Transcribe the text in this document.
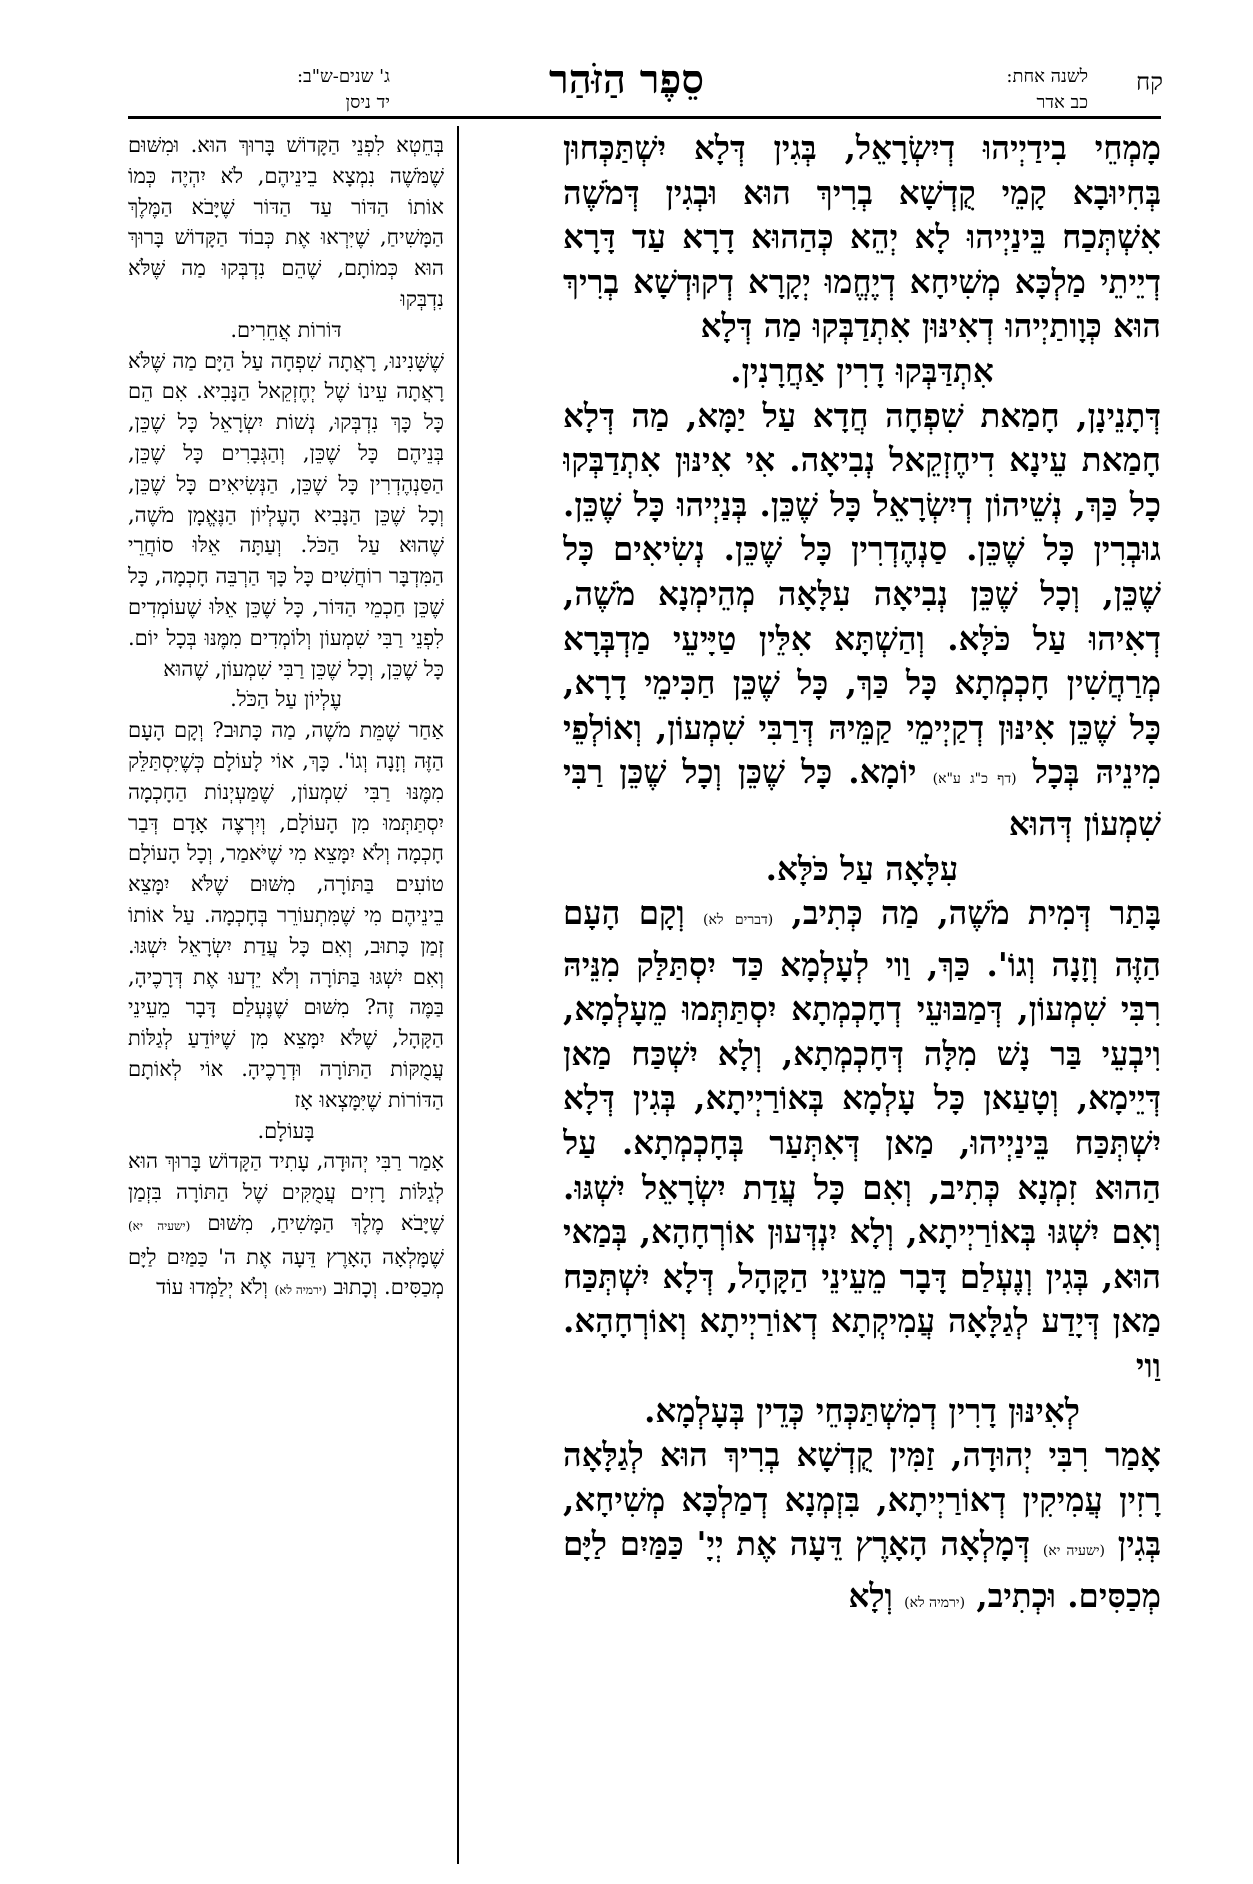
קח
לשנה אחת:
כב אדר
סֵפֶר הַזֹּהַר
ג' שנים-ש"ב:
יד ניסן

מָמְחֵי בִידַיְיהוּ דְיִשְׂרָאֵל, בְּגִין דְּלָא יִשְׁתַּכְּחוּן בְּחִיוּבָא קָמֵי קֻדְשָׁא בְרִיךְ הוּא וּבְגִין דְּמֹשֶׁה אִשְׁתְּכַח בֵּינַיְיהוּ לָא יְהֵא כְּהַהוּא דָרָא עַד דָּרָא דְיֵיתֵי מַלְכָּא מְשִׁיחָא דְיֶחֱמוּ יְקָרָא דְקוּדְשָׁא בְרִיךְ הוּא כְּוָותַיְיהוּ דְאִינּוּן אִתְדַבְּקוּ מַה דְּלָא

אִתְדַּבְּקוּ דָרִין אַחֲרָנִין.

דְּתָנֵינָן, חָמַאת שִׁפְחָה חֲדָא עַל יַמָּא, מַה דְּלָא חָמַאת עֵינָא דִיחֶזְקֵאל נְבִיאָה. אִי אִינּוּן אִתְדַבְּקוּ כָל כַּךְ, נְשֵׁיהוֹן דְיִשְׂרָאֵל כָּל שֶׁכֵּן. בְּנַיְיהוּ כָּל שֶׁכֵּן. גוּבְרִין כָּל שֶׁכֵּן. סַנְהֶדְרִין כָּל שֶׁכֵּן. נְשִׂיאִים כָּל שֶׁכֵּן, וְכָל שֶׁכֵּן נְבִיאָה עִלָּאָה מְהֵימְנָא מֹשֶׁה, דְאִיהוּ עַל כֹּלָּא. וְהַשְׁתָּא אִלֵּין טַיָּיעֵי מַדְבְּרָא מְרַחֲשִׁין חָכְמְתָא כָּל כַּךְ, כָּל שֶׁכֵּן חַכִּימֵי דָרָא, כָּל שֶׁכֵּן אִינּוּן דְקַיְימֵי קַמֵּיהּ דְּרַבִּי שִׁמְעוֹן, וְאוֹלְפֵי מִינֵיהּ בְּכָל (דף כ"ג ע"א) יוֹמָא. כָּל שֶׁכֵּן וְכָל שֶׁכֵּן רַבִּי שִׁמְעוֹן דְּהוּא

עִלָּאָה עַל כֹּלָּא.

בָּתַר דְּמִית מֹשֶׁה, מַה כְּתִיב, (דברים לא) וְקָם הָעָם הַזֶּה וְזָנָה וְגוֹ'. כַּךְ, וַוי לְעָלְמָא כַּד יִסְתַּלַּק מִנֵּיהּ רִבִּי שִׁמְעוֹן, דְּמַבּוּעֵי דְחָכְמְתָא יִסְתַּתְּמוּ מֵעָלְמָא, וִיבְעֵי בַּר נָשׁ מִלָּה דְּחָכְמְתָא, וְלָא יִשְׁכַּח מַאן דְּיֵימָא, וְטָעַאן כָּל עָלְמָא בְּאוֹרַיְיתָא, בְּגִין דְּלָא יִשְׁתְּכַּח בֵּינַיְיהוּ, מַאן דְּאִתְּעַר בְּחָכְמְתָא. עַל הַהוּא זִמְנָא כְּתִיב, וְאִם כָּל עֲדַת יִשְׂרָאֵל יִשְׁגּוּ. וְאִם יִשְׁגּוּ בְּאוֹרַיְיתָא, וְלָא יִנְדְּעוּן אוֹרְחָהָא, בְּמַאי הוּא, בְּגִין וְנֶעְלַם דָּבָר מֵעֵינֵי הַקָּהָל, דְּלָא יִשְׁתְּכַּח מַאן דְּיָדַע לְגַלָּאָה עֲמִיקְתָא דְאוֹרַיְיתָא וְאוֹרְחָהָא. וַוי

לְאִינּוּן דָרִין דְמִשְׁתַּכְּחֵי כְּדֵין בְּעָלְמָא.

אָמַר רִבִּי יְהוּדָה, זַמִּין קֻדְשָׁא בְרִיךְ הוּא לְגַלָּאָה רָזִין עֲמִיקִין דְאוֹרַיְיתָא, בִּזְמְנָא דְמַלְכָּא מְשִׁיחָא, בְּגִין (ישעיה יא) דְּמָלְאָה הָאָרֶץ דֵּעָה אֶת יְיָ' כַּמַּיִם לַיָּם מְכַסִּים. וּכְתִיב, (ירמיה לא) וְלָא

בְּחֵטְא לִפְנֵי הַקָּדוֹשׁ בָּרוּךְ הוּא. וּמִשּׁוּם שֶׁמֹּשֶׁה נִמְצָא בֵינֵיהֶם, לֹא יִהְיֶה כְּמוֹ אוֹתוֹ הַדּוֹר עַד הַדּוֹר שֶׁיָּבֹא הַמֶּלֶךְ הַמָּשִׁיחַ, שֶׁיִּרְאוּ אֶת כְּבוֹד הַקָּדוֹשׁ בָּרוּךְ הוּא כְּמוֹתָם, שֶׁהֵם נִדְבְּקוּ מַה שֶּׁלֹּא נִדְבְּקוּ

דּוֹרוֹת אֲחֵרִים.

שֶׁשָּׁנִינוּ, רָאֲתָה שִׁפְחָה עַל הַיָּם מַה שֶּׁלֹּא רָאֲתָה עֵינוֹ שֶׁל יְחֶזְקֵאל הַנָּבִיא. אִם הֵם כָּל כָּךְ נִדְבְּקוּ, נְשׁוֹת יִשְׂרָאֵל כָּל שֶׁכֵּן, בְּנֵיהֶם כָּל שֶׁכֵּן, וְהַגְּבָרִים כָּל שֶׁכֵּן, הַסַּנְהֶדְרִין כָּל שֶׁכֵּן, הַנְּשִׂיאִים כָּל שֶׁכֵּן, וְכָל שֶׁכֵּן הַנָּבִיא הָעֶלְיוֹן הַנֶּאֱמָן מֹשֶׁה, שֶׁהוּא עַל הַכֹּל. וְעַתָּה אֵלּוּ סוֹחֲרֵי הַמִּדְבָּר רוֹחֲשִׁים כָּל כָּךְ הַרְבֵּה חָכְמָה, כָּל שֶׁכֵּן חַכְמֵי הַדּוֹר, כָּל שֶׁכֵּן אֵלּוּ שֶׁעוֹמְדִים לִפְנֵי רַבִּי שִׁמְעוֹן וְלוֹמְדִים מִמֶּנּוּ בְּכָל יוֹם. כָּל שֶׁכֵּן, וְכָל שֶׁכֵּן רַבִּי שִׁמְעוֹן, שֶׁהוּא

עֶלְיוֹן עַל הַכֹּל.

אַחַר שֶׁמֵּת מֹשֶׁה, מַה כָּתוּב? וְקָם הָעָם הַזֶּה וְזָנָה וְגוֹ'. כָּךְ, אוֹי לָעוֹלָם כְּשֶׁיִּסְתַּלֵּק מִמֶּנּוּ רַבִּי שִׁמְעוֹן, שֶׁמַּעְיְנוֹת הַחָכְמָה יִסְתַּתְּמוּ מִן הָעוֹלָם, וְיִרְצֶה אָדָם דְּבַר חָכְמָה וְלֹא יִמָּצֵא מִי שֶׁיֹּאמַר, וְכָל הָעוֹלָם טוֹעִים בַּתּוֹרָה, מִשּׁוּם שֶׁלֹּא יִמָּצֵא בֵינֵיהֶם מִי שֶׁמִּתְעוֹרֵר בְּחָכְמָה. עַל אוֹתוֹ זְמַן כָּתוּב, וְאִם כָּל עֲדַת יִשְׂרָאֵל יִשְׁגּוּ. וְאִם יִשְׁגּוּ בַּתּוֹרָה וְלֹא יֵדְעוּ אֶת דְּרָכֶיהָ, בַּמֶּה זֶה? מִשּׁוּם שֶׁנֶּעְלַם דָּבָר מֵעֵינֵי הַקָּהָל, שֶׁלֹּא יִמָּצֵא מִן שֶׁיּוֹדֵעַ לְגַלּוֹת עֲמֻקּוֹת הַתּוֹרָה וּדְרָכֶיהָ. אוֹי לְאוֹתָם הַדּוֹרוֹת שֶׁיִּמָּצְאוּ אָז

בָּעוֹלָם.

אָמַר רַבִּי יְהוּדָה, עָתִיד הַקָּדוֹשׁ בָּרוּךְ הוּא לְגַלּוֹת רָזִים עֲמֻקִּים שֶׁל הַתּוֹרָה בִּזְמַן שֶׁיָּבֹא מֶלֶךְ הַמָּשִׁיחַ, מִשּׁוּם (ישעיה יא) שֶׁמָּלְאָה הָאָרֶץ דֵּעָה אֶת ה' כַּמַּיִם לַיָּם מְכַסִּים. וְכָתוּב (ירמיה לא) וְלֹא יְלַמְּדוּ עוֹד
